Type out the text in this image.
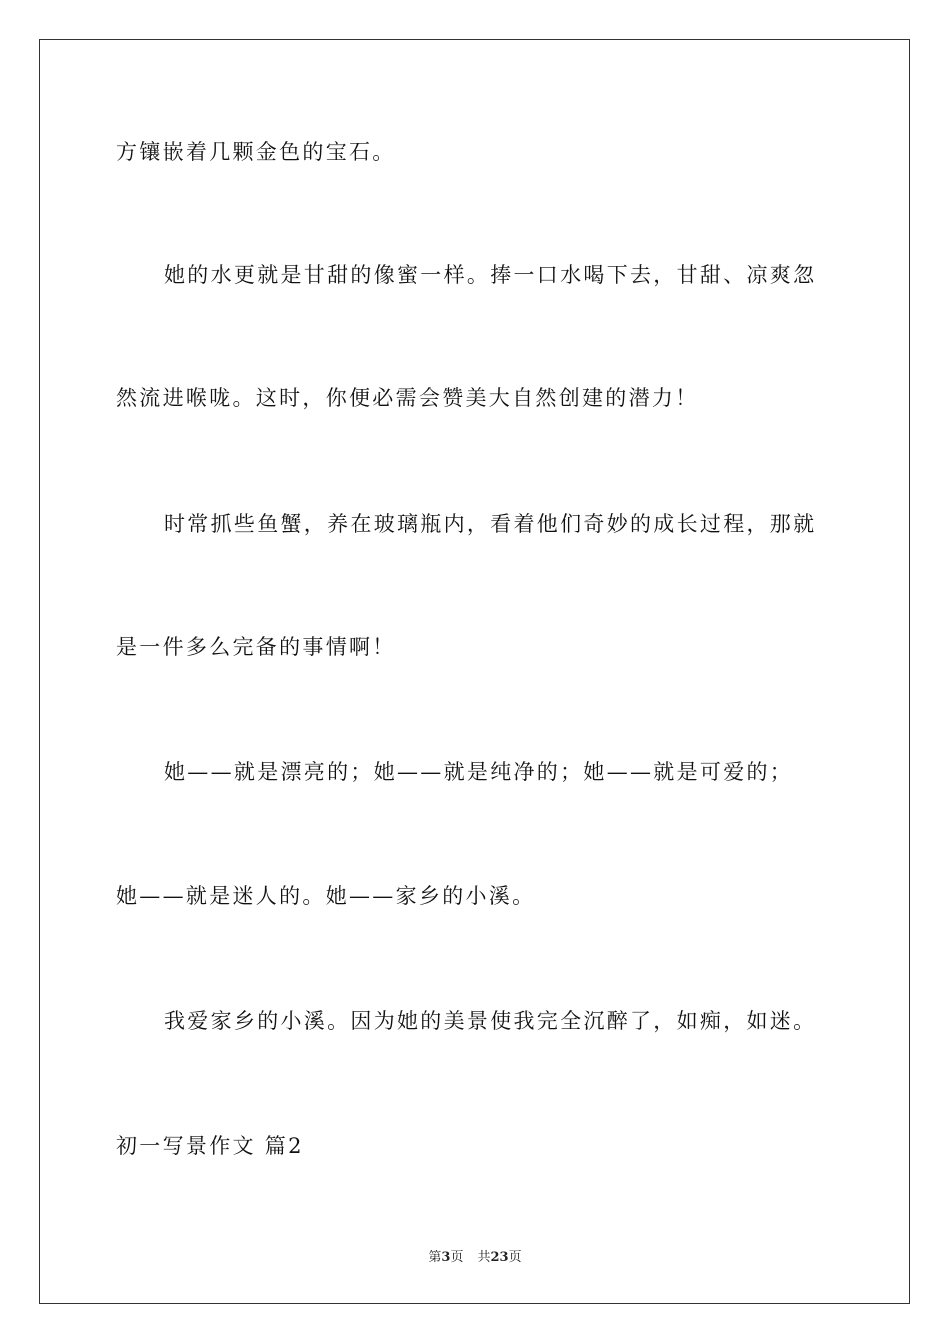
方镶嵌着几颗金色的宝石。
她的水更就是甘甜的像蜜一样。捧一口水喝下去，甘甜、凉爽忽
然流进喉咙。这时，你便必需会赞美大自然创建的潜力！
时常抓些鱼蟹，养在玻璃瓶内，看着他们奇妙的成长过程，那就
是一件多么完备的事情啊！
她——就是漂亮的；她——就是纯净的；她——就是可爱的；
她——就是迷人的。她——家乡的小溪。
我爱家乡的小溪。因为她的美景使我完全沉醉了，如痴，如迷。
初一写景作文 篇2
第3页 共23页
